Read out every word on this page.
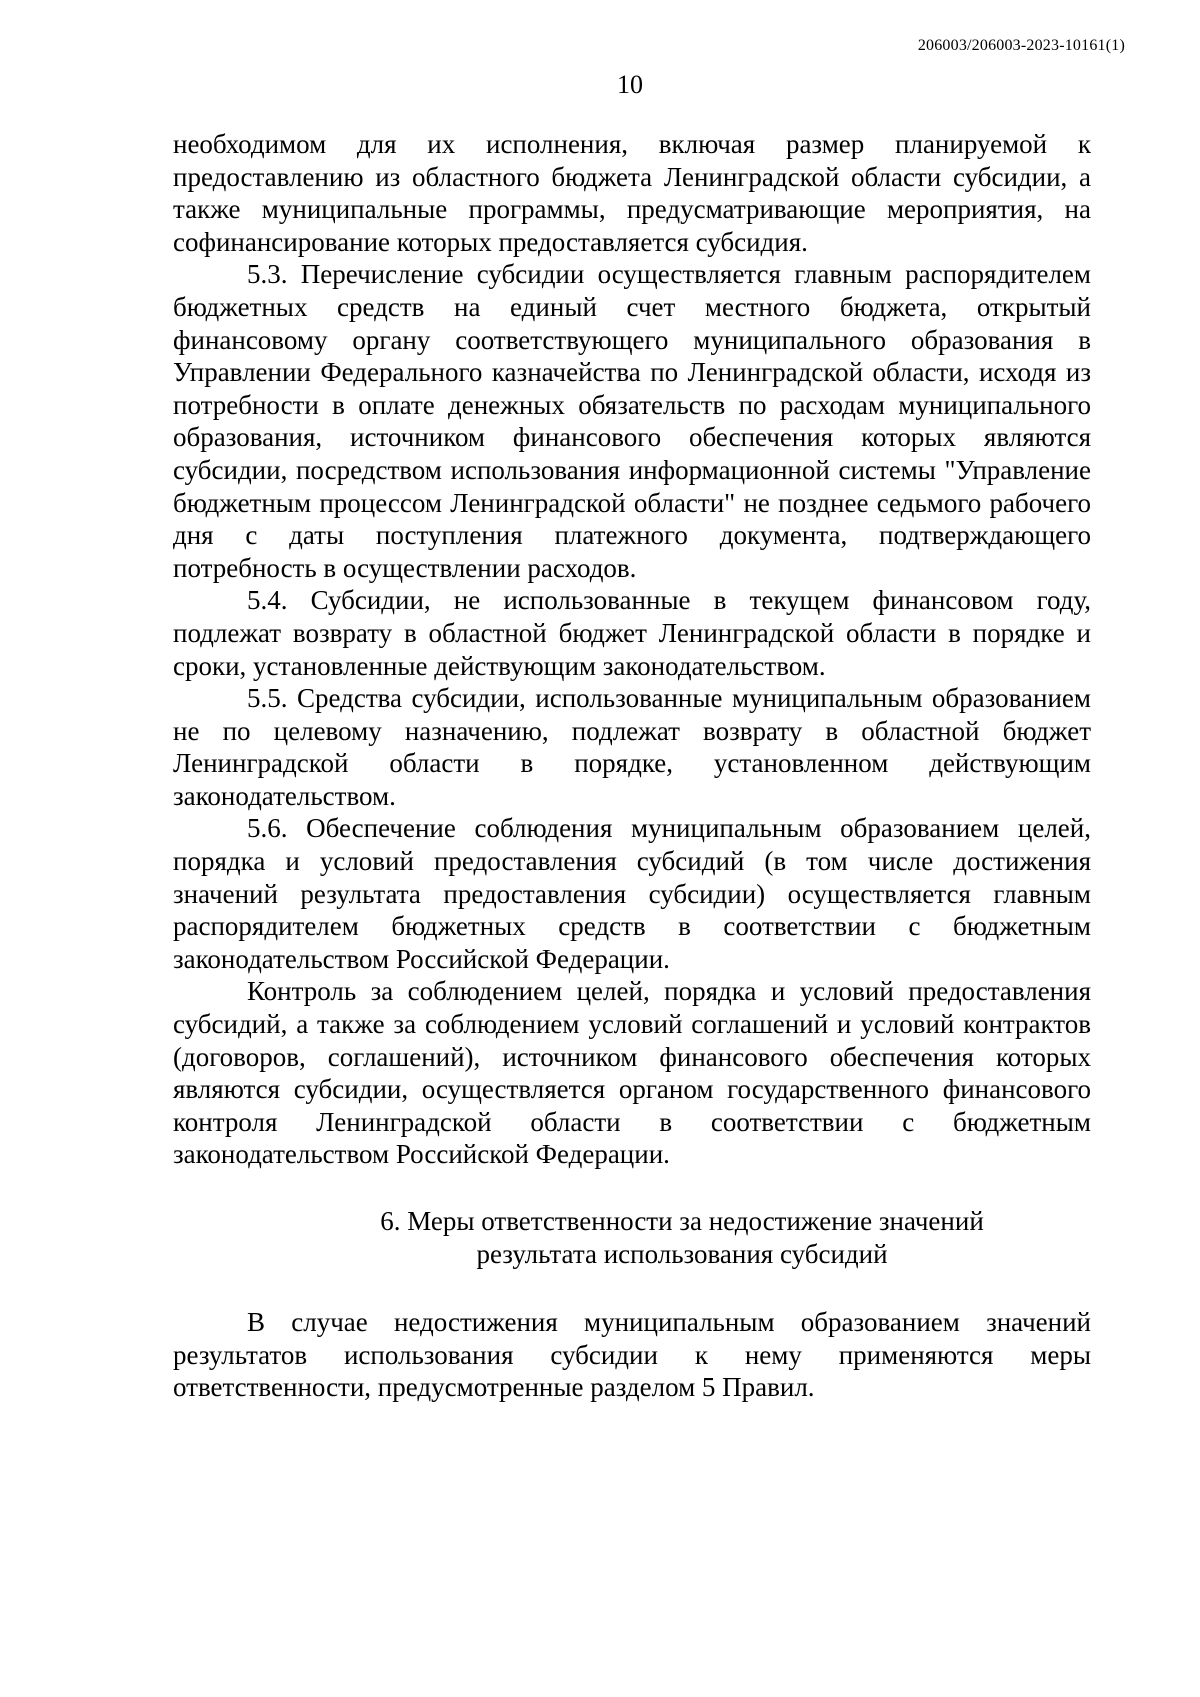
206003/206003-2023-10161(1)
10

необходимом для их исполнения, включая размер планируемой к предоставлению из областного бюджета Ленинградской области субсидии, а также муниципальные программы, предусматривающие мероприятия, на софинансирование которых предоставляется субсидия.

5.3. Перечисление субсидии осуществляется главным распорядителем бюджетных средств на единый счет местного бюджета, открытый финансовому органу соответствующего муниципального образования в Управлении Федерального казначейства по Ленинградской области, исходя из потребности в оплате денежных обязательств по расходам муниципального образования, источником финансового обеспечения которых являются субсидии, посредством использования информационной системы "Управление бюджетным процессом Ленинградской области" не позднее седьмого рабочего дня с даты поступления платежного документа, подтверждающего потребность в осуществлении расходов.

5.4. Субсидии, не использованные в текущем финансовом году, подлежат возврату в областной бюджет Ленинградской области в порядке и сроки, установленные действующим законодательством.

5.5. Средства субсидии, использованные муниципальным образованием не по целевому назначению, подлежат возврату в областной бюджет Ленинградской области в порядке, установленном действующим законодательством.

5.6. Обеспечение соблюдения муниципальным образованием целей, порядка и условий предоставления субсидий (в том числе достижения значений результата предоставления субсидии) осуществляется главным распорядителем бюджетных средств в соответствии с бюджетным законодательством Российской Федерации.

Контроль за соблюдением целей, порядка и условий предоставления субсидий, а также за соблюдением условий соглашений и условий контрактов (договоров, соглашений), источником финансового обеспечения которых являются субсидии, осуществляется органом государственного финансового контроля Ленинградской области в соответствии с бюджетным законодательством Российской Федерации.

6. Меры ответственности за недостижение значений
результата использования субсидий

В случае недостижения муниципальным образованием значений результатов использования субсидии к нему применяются меры ответственности, предусмотренные разделом 5 Правил.
